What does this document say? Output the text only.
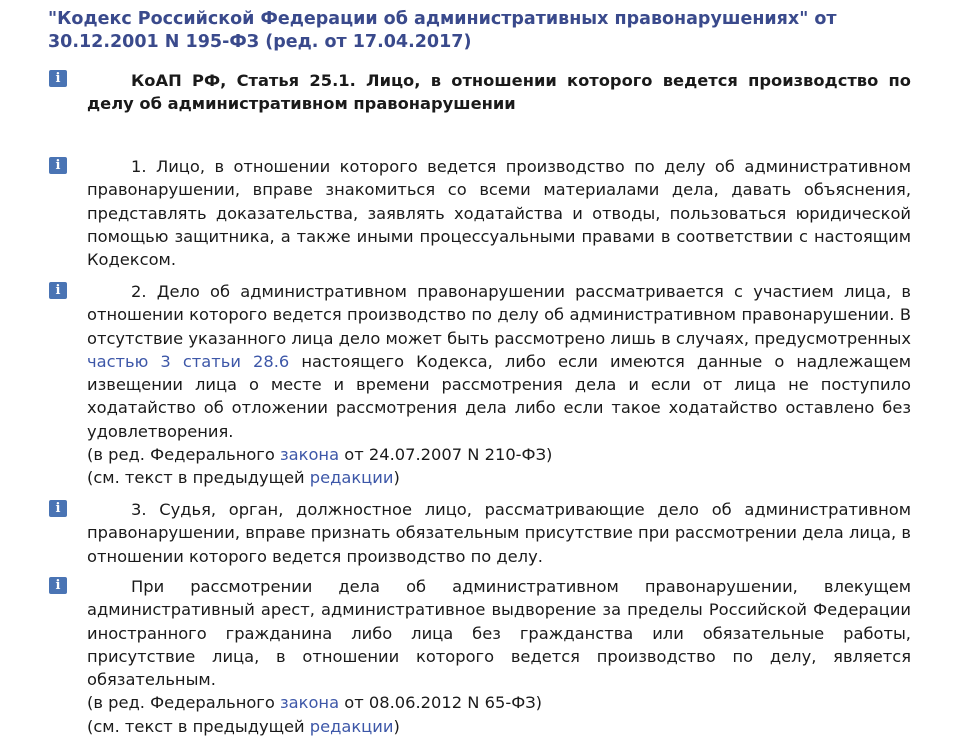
"Кодекс Российской Федерации об административных правонарушениях" от 30.12.2001 N 195-ФЗ (ред. от 17.04.2017)
i	КоАП РФ, Статья 25.1. Лицо, в отношении которого ведется производство по делу об административном правонарушении

i	1. Лицо, в отношении которого ведется производство по делу об административном правонарушении, вправе знакомиться со всеми материалами дела, давать объяснения, представлять доказательства, заявлять ходатайства и отводы, пользоваться юридической помощью защитника, а также иными процессуальными правами в соответствии с настоящим Кодексом.

i	2. Дело об административном правонарушении рассматривается с участием лица, в отношении которого ведется производство по делу об административном правонарушении. В отсутствие указанного лица дело может быть рассмотрено лишь в случаях, предусмотренных частью 3 статьи 28.6 настоящего Кодекса, либо если имеются данные о надлежащем извещении лица о месте и времени рассмотрения дела и если от лица не поступило ходатайство об отложении рассмотрения дела либо если такое ходатайство оставлено без удовлетворения.

(в ред. Федерального закона от 24.07.2007 N 210-ФЗ)

(см. текст в предыдущей редакции)

i	3. Судья, орган, должностное лицо, рассматривающие дело об административном правонарушении, вправе признать обязательным присутствие при рассмотрении дела лица, в отношении которого ведется производство по делу.

i	При рассмотрении дела об административном правонарушении, влекущем административный арест, административное выдворение за пределы Российской Федерации иностранного гражданина либо лица без гражданства или обязательные работы, присутствие лица, в отношении которого ведется производство по делу, является обязательным.

(в ред. Федерального закона от 08.06.2012 N 65-ФЗ)

(см. текст в предыдущей редакции)
